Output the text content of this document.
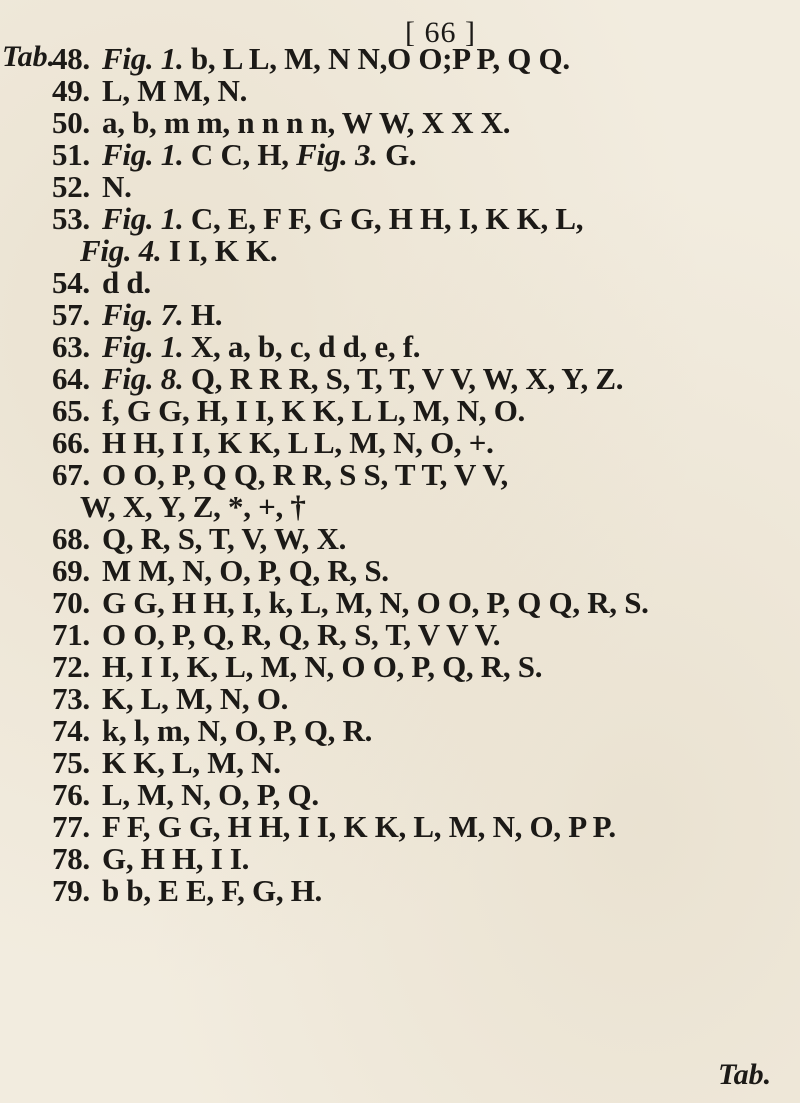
[ 66 ]
Tab.
48. Fig. 1. b, L L, M, N N,O O;P P, Q Q.
49. L, M M, N.
50. a, b, m m, n n n n, W W, X X X.
51. Fig. 1. C C, H, Fig. 3. G.
52. N.
53. Fig. 1. C, E, F F, G G, H H, I, K K, L,
Fig. 4. I I, K K.
54. d d.
57. Fig. 7. H.
63. Fig. 1. X, a, b, c, d d, e, f.
64. Fig. 8. Q, R R R, S, T, T, V V, W, X, Y, Z.
65. f, G G, H, I I, K K, L L, M, N, O.
66. H H, I I, K K, L L, M, N, O, +.
67. O O, P, Q Q, R R, S S, T T, V V,
W, X, Y, Z, *, +, †
68. Q, R, S, T, V, W, X.
69. M M, N, O, P, Q, R, S.
70. G G, H H, I, k, L, M, N, O O, P, Q Q, R, S.
71. O O, P, Q, R, Q, R, S, T, V V V.
72. H, I I, K, L, M, N, O O, P, Q, R, S.
73. K, L, M, N, O.
74. k, l, m, N, O, P, Q, R.
75. K K, L, M, N.
76. L, M, N, O, P, Q.
77. F F, G G, H H, I I, K K, L, M, N, O, P P.
78. G, H H, I I.
79. b b, E E, F, G, H.
Tab.
